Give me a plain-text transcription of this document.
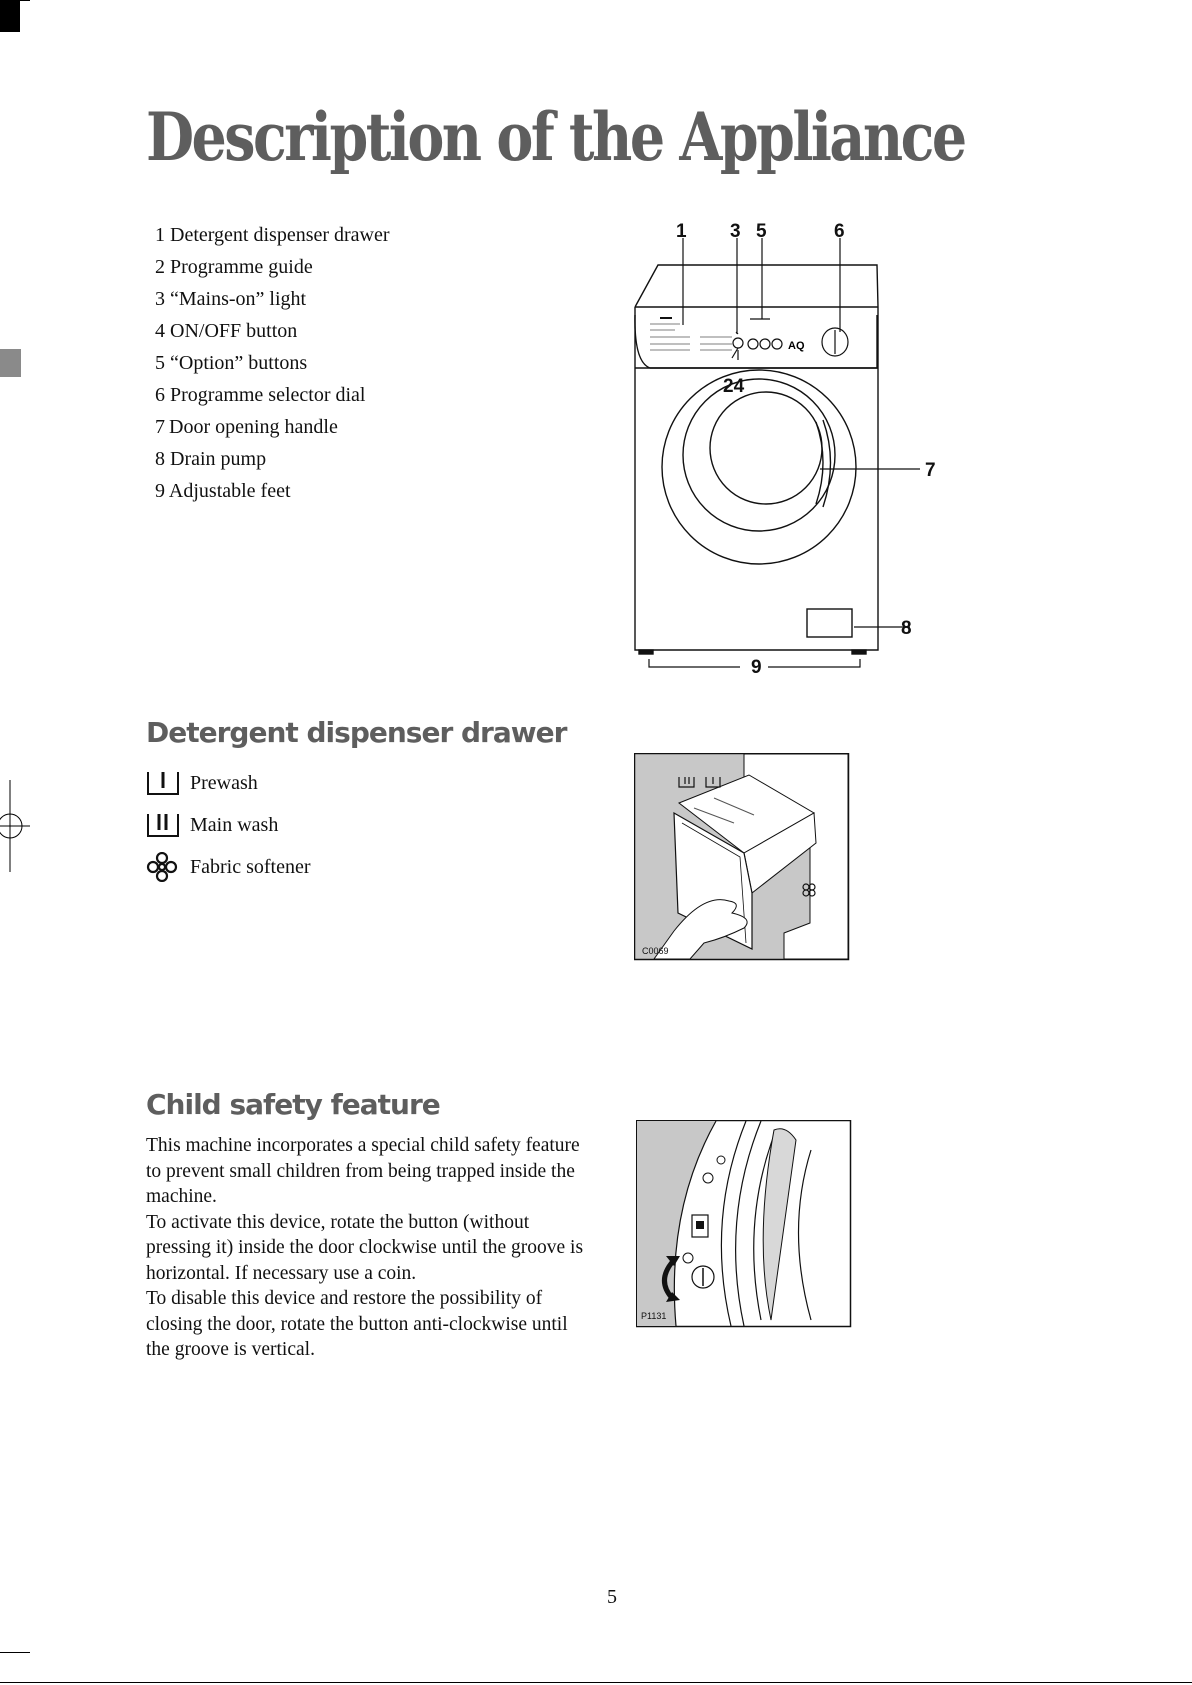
Description of the Appliance
1 Detergent dispenser drawer
2 Programme guide
3 “Mains-on” light
4 ON/OFF button
5 “Option” buttons
6 Programme selector dial
7 Door opening handle
8 Drain pump
9 Adjustable feet
AQ
1 3 5	6
24
7
8
9
Detergent dispenser drawer
Prewash
Main wash
Fabric softener
C0069
Child safety feature

This machine incorporates a special child safety feature to prevent small children from being trapped inside the machine.

To activate this device, rotate the button (without pressing it) inside the door clockwise until the groove is horizontal. If necessary use a coin.

To disable this device and restore the possibility of closing the door, rotate the button anti-clockwise until the groove is vertical.

P1131
5
